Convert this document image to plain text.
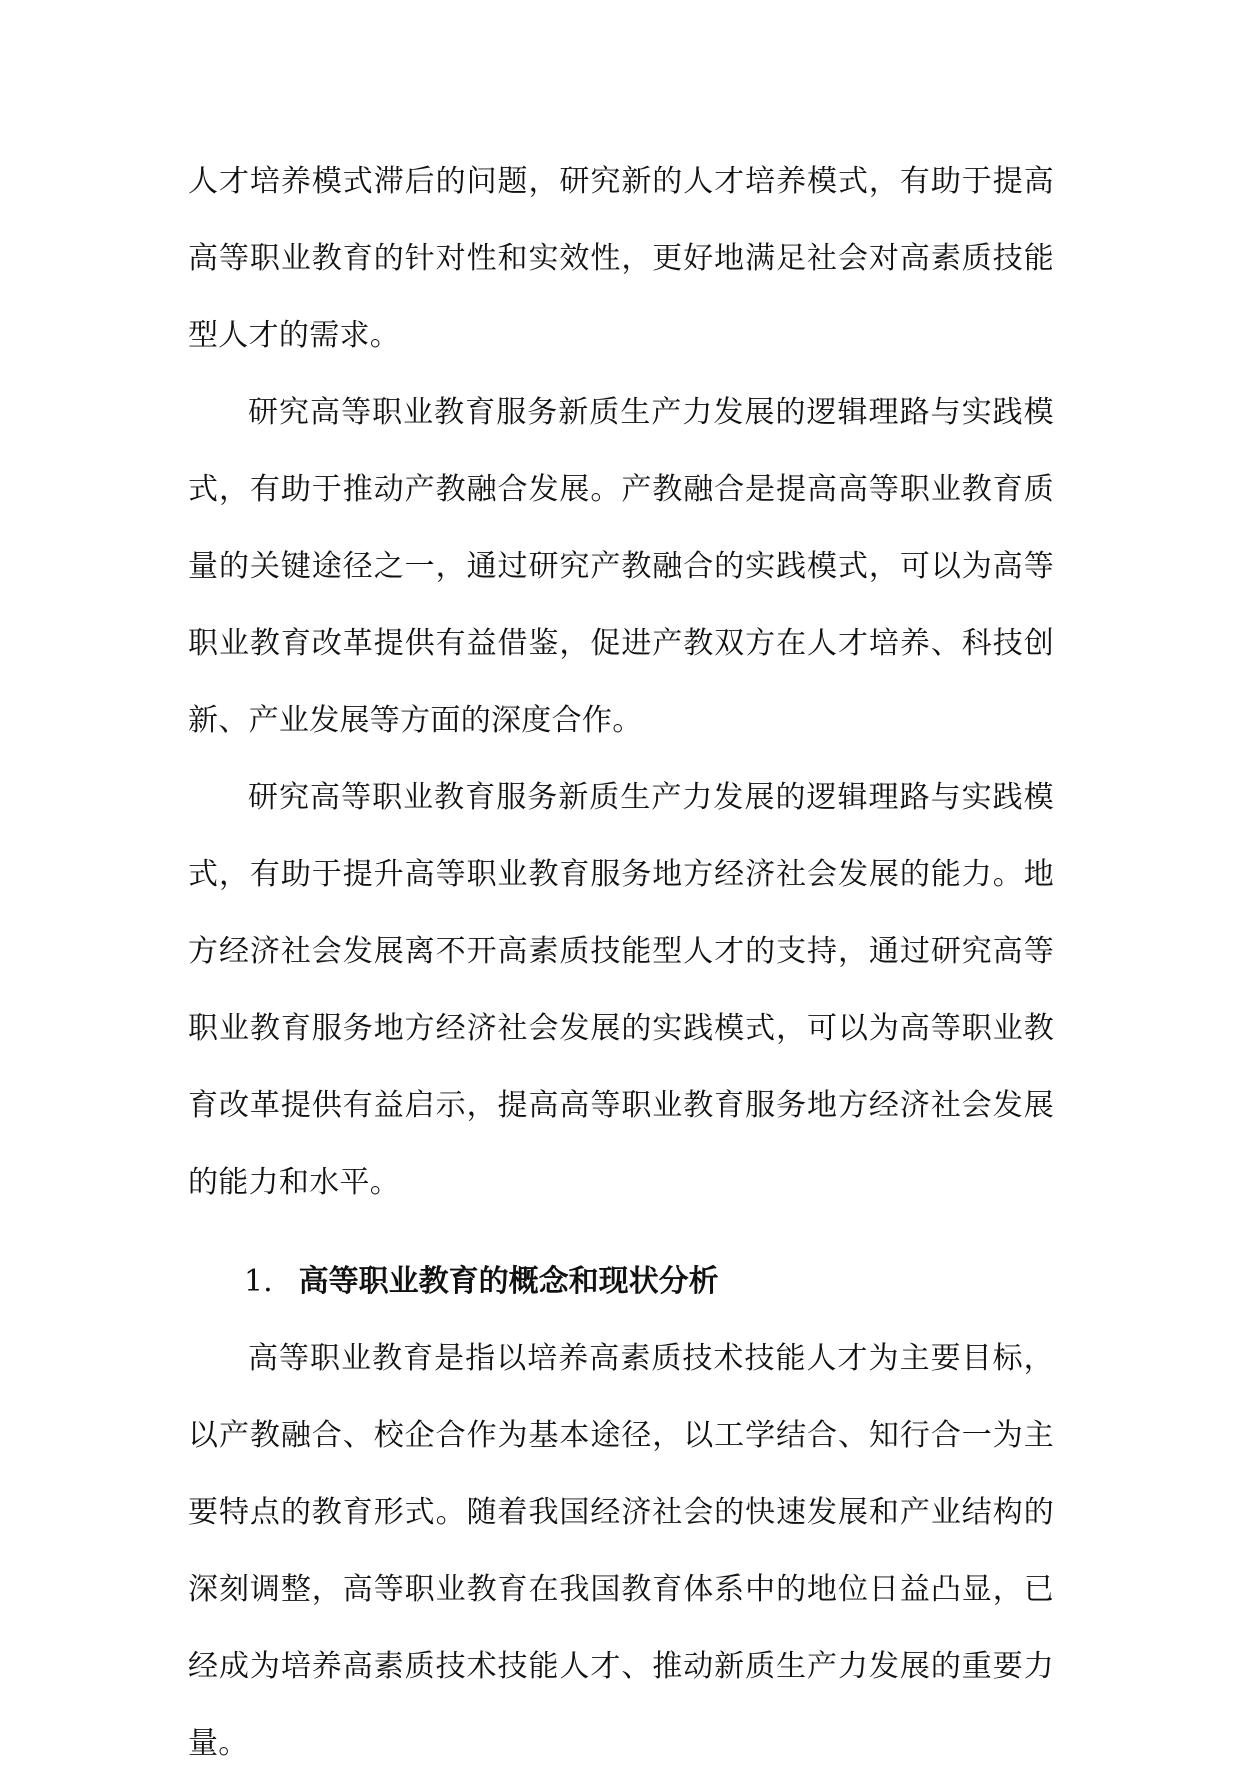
人才培养模式滞后的问题，研究新的人才培养模式，有助于提高高等职业教育的针对性和实效性，更好地满足社会对高素质技能型人才的需求。

研究高等职业教育服务新质生产力发展的逻辑理路与实践模式，有助于推动产教融合发展。产教融合是提高高等职业教育质量的关键途径之一，通过研究产教融合的实践模式，可以为高等职业教育改革提供有益借鉴，促进产教双方在人才培养、科技创新、产业发展等方面的深度合作。

研究高等职业教育服务新质生产力发展的逻辑理路与实践模式，有助于提升高等职业教育服务地方经济社会发展的能力。地方经济社会发展离不开高素质技能型人才的支持，通过研究高等职业教育服务地方经济社会发展的实践模式，可以为高等职业教育改革提供有益启示，提高高等职业教育服务地方经济社会发展的能力和水平。

1. 高等职业教育的概念和现状分析

高等职业教育是指以培养高素质技术技能人才为主要目标，以产教融合、校企合作为基本途径，以工学结合、知行合一为主要特点的教育形式。随着我国经济社会的快速发展和产业结构的深刻调整，高等职业教育在我国教育体系中的地位日益凸显，已经成为培养高素质技术技能人才、推动新质生产力发展的重要力量。
